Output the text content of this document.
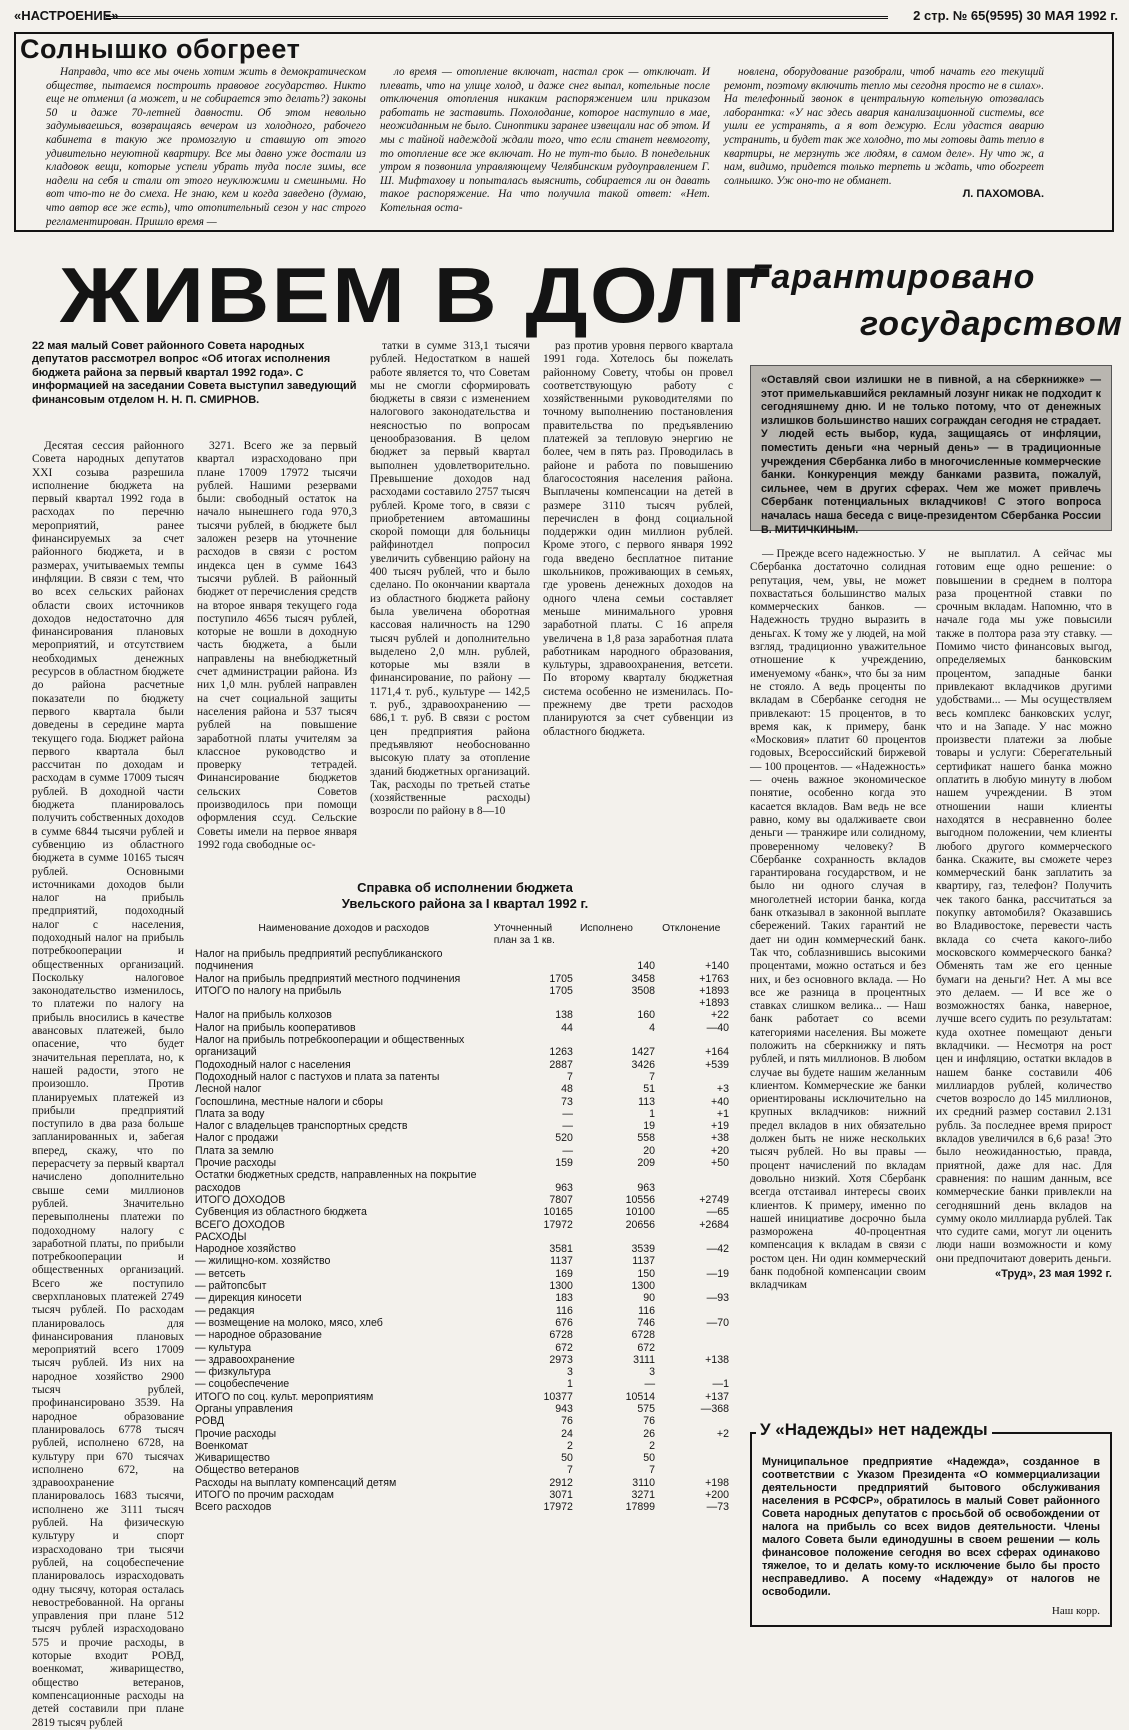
«НАСТРОЕНИЕ»	2 стр. № 65(9595) 30 МАЯ 1992 г.
Солнышко обогреет

Направда, что все мы очень хотим жить в демократическом обществе, пытаемся построить правовое государство. Никто еще не отменил (а может, и не собирается это делать?) законы 50 и даже 70-летней давности. Об этом невольно задумываешься, возвращаясь вечером из холодного, рабочего кабинета в такую же промозглую и ставшую от этого удивительно неуютной квартиру. Все мы давно уже достали из кладовок вещи, которые успели убрать туда после зимы, все надели на себя и стали от этого неуклюжими и смешными. Но вот что-то не до смеха. Не знаю, кем и когда заведено (думаю, что автор все же есть), что отопительный сезон у нас строго регламентирован. Пришло время —

ло время — отопление включат, настал срок — отключат. И плевать, что на улице холод, и даже снег выпал, котельные после отключения отопления никаким распоряжением или приказом работать не заставить. Похолодание, которое наступило в мае, неожиданным не было. Синоптики заранее извещали нас об этом. И мы с тайной надеждой ждали того, что если станет невмоготу, то отопление все же включат. Но не тут-то было. В понедельник утром я позвонила управляющему Челябинским рудоуправлением Г. Ш. Мифтахову и попыталась выяснить, собирается ли он давать такое распоряжение. На что получила такой ответ: «Нет. Котельная оста-

новлена, оборудование разобрали, чтоб начать его текущий ремонт, поэтому включить тепло мы сегодня просто не в силах». На телефонный звонок в центральную котельную отозвалась лаборантка: «У нас здесь авария канализационной системы, все ушли ее устранять, а я вот дежурю. Если удастся аварию устранить, и будет так же холодно, то мы готовы дать тепло в квартиры, не мерзнуть же людям, в самом деле». Ну что ж, а нам, видимо, придется только терпеть и ждать, что обогреет солнышко. Уж оно-то не обманет.

Л. ПАХОМОВА.
ЖИВЕМ В ДОЛГ
22 мая малый Совет районного Совета народных депутатов рассмотрел вопрос «Об итогах исполнения бюджета района за первый квартал 1992 года». С информацией на заседании Совета выступил заведующий финансовым отделом Н. Н. П. СМИРНОВ.

Десятая сессия районного Совета народных депутатов XXI созыва разрешила исполнение бюджета на первый квартал 1992 года в расходах по перечню мероприятий, ранее финансируемых за счет районного бюджета, и в размерах, учитываемых темпы инфляции. В связи с тем, что во всех сельских районах области своих источников доходов недостаточно для финансирования плановых мероприятий, и отсутствием необходимых денежных ресурсов в областном бюджете до района расчетные показатели по бюджету первого квартала были доведены в середине марта текущего года. Бюджет района первого квартала был рассчитан по доходам и расходам в сумме 17009 тысяч рублей. В доходной части бюджета планировалось получить собственных доходов в сумме 6844 тысячи рублей и субвенцию из областного бюджета в сумме 10165 тысяч рублей. Основными источниками доходов были налог на прибыль предприятий, подоходный налог с населения, подоходный налог на прибыль потребкооперации и общественных организаций. Поскольку налоговое законодательство изменилось, то платежи по налогу на прибыль вносились в качестве авансовых платежей, было опасение, что будет значительная переплата, но, к нашей радости, этого не произошло. Против планируемых платежей из прибыли предприятий поступило в два раза больше запланированных и, забегая вперед, скажу, что по перерасчету за первый квартал начислено дополнительно свыше семи миллионов рублей. Значительно перевыполнены платежи по подоходному налогу с заработной платы, по прибыли потребкооперации и общественных организаций. Всего же поступило сверхплановых платежей 2749 тысяч рублей. По расходам планировалось для финансирования плановых мероприятий всего 17009 тысяч рублей. Из них на народное хозяйство 2900 тысяч рублей, профинансировано 3539. На народное образование планировалось 6778 тысяч рублей, исполнено 6728, на культуру при 670 тысячах исполнено 672, на здравоохранение планировалось 1683 тысячи, исполнено же 3111 тысяч рублей. На физическую культуру и спорт израсходовано три тысячи рублей, на соцобеспечение планировалось израсходовать одну тысячу, которая осталась невостребованной. На органы управления при плане 512 тысяч рублей израсходовано 575 и прочие расходы, в которые входит РОВД, военкомат, живарищество, общество ветеранов, компенсационные расходы на детей составили при плане 2819 тысяч рублей

3271. Всего же за первый квартал израсходовано при плане 17009 17972 тысячи рублей. Нашими резервами были: свободный остаток на начало нынешнего года 970,3 тысячи рублей, в бюджете был заложен резерв на уточнение расходов в связи с ростом индекса цен в сумме 1643 тысячи рублей. В районный бюджет от перечисления средств на второе января текущего года поступило 4656 тысяч рублей, которые не вошли в доходную часть бюджета, а были направлены на внебюджетный счет администрации района. Из них 1,0 млн. рублей направлен на счет социальной защиты населения района и 537 тысяч рублей на повышение заработной платы учителям за классное руководство и проверку тетрадей. Финансирование бюджетов сельских Советов производилось при помощи оформления ссуд. Сельские Советы имели на первое января 1992 года свободные ос-

татки в сумме 313,1 тысячи рублей. Недостатком в нашей работе является то, что Советам мы не смогли сформировать бюджеты в связи с изменением налогового законодательства и неясностью по вопросам ценообразования. В целом бюджет за первый квартал выполнен удовлетворительно. Превышение доходов над расходами составило 2757 тысяч рублей. Кроме того, в связи с приобретением автомашины скорой помощи для больницы райфинотдел попросил увеличить субвенцию району на 400 тысяч рублей, что и было сделано. По окончании квартала из областного бюджета району была увеличена оборотная кассовая наличность на 1290 тысяч рублей и дополнительно выделено 2,0 млн. рублей, которые мы взяли в финансирование, по району — 1171,4 т. руб., культуре — 142,5 т. руб., здравоохранению — 686,1 т. руб. В связи с ростом цен предприятия района предъявляют необоснованно высокую плату за отопление зданий бюджетных организаций. Так, расходы по третьей статье (хозяйственные расходы) возросли по району в 8—10

раз против уровня первого квартала 1991 года. Хотелось бы пожелать районному Совету, чтобы он провел соответствующую работу с хозяйственными руководителями по точному выполнению постановления правительства по предъявлению платежей за тепловую энергию не более, чем в пять раз. Проводилась в районе и работа по повышению благосостояния населения района. Выплачены компенсации на детей в размере 3110 тысяч рублей, перечислен в фонд социальной поддержки один миллион рублей. Кроме этого, с первого января 1992 года введено бесплатное питание школьников, проживающих в семьях, где уровень денежных доходов на одного члена семьи составляет меньше минимального уровня заработной платы. С 16 апреля увеличена в 1,8 раза заработная плата работникам народного образования, культуры, здравоохранения, ветсети. По второму кварталу бюджетная система особенно не изменилась. По-прежнему две трети расходов планируются за счет субвенции из областного бюджета.

Справка об исполнении бюджета
Увельского района за I квартал 1992 г.
Наименование доходов и расходов	Уточненный план за 1 кв.	Исполнено	Отклонение
Налог на прибыль предприятий республиканского подчинения		140	+140
Налог на прибыль предприятий местного подчинения	1705	3458	+1763
ИТОГО по налогу на прибыль	1705	3508	+1893
			+1893
Налог на прибыль колхозов	138	160	+22
Налог на прибыль кооперативов	44	4	—40
Налог на прибыль потребкооперации и общественных организаций	1263	1427	+164
Подоходный налог с населения	2887	3426	+539
Подоходный налог с пастухов и плата за патенты	7	7	
Лесной налог	48	51	+3
Госпошлина, местные налоги и сборы	73	113	+40
Плата за воду	—	1	+1
Налог с владельцев транспортных средств	—	19	+19
Налог с продажи	520	558	+38
Плата за землю	—	20	+20
Прочие расходы	159	209	+50
Остатки бюджетных средств, направленных на покрытие расходов	963	963	
ИТОГО ДОХОДОВ	7807	10556	+2749
Субвенция из областного бюджета	10165	10100	—65
ВСЕГО ДОХОДОВ	17972	20656	+2684
РАСХОДЫ			
Народное хозяйство	3581	3539	—42
— жилищно-ком. хозяйство	1137	1137	
— ветсеть	169	150	—19
— райтопсбыт	1300	1300	
— дирекция киносети	183	90	—93
— редакция	116	116	
— возмещение на молоко, мясо, хлеб	676	746	—70
— народное образование	6728	6728	
— культура	672	672	
— здравоохранение	2973	3111	+138
— физкультура	3	3	
— соцобеспечение	1	—	—1
ИТОГО по соц. культ. мероприятиям	10377	10514	+137
Органы управления	943	575	—368
РОВД	76	76	
Прочие расходы	24	26	+2
Военкомат	2	2	
Живарищество	50	50	
Общество ветеранов	7	7	
Расходы на выплату компенсаций детям	2912	3110	+198
ИТОГО по прочим расходам	3071	3271	+200
Всего расходов	17972	17899	—73
Гарантировано
государством
«Оставляй свои излишки не в пивной, а на сберкнижке» — этот примелькавшийся рекламный лозунг никак не подходит к сегодняшнему дню. И не только потому, что от денежных излишков большинство наших сограждан сегодня не страдает. У людей есть выбор, куда, защищаясь от инфляции, поместить деньги «на черный день» — в традиционные учреждения Сбербанка либо в многочисленные коммерческие банки. Конкуренция между банками развита, пожалуй, сильнее, чем в других сферах. Чем же может привлечь Сбербанк потенциальных вкладчиков! С этого вопроса началась наша беседа с вице-президентом Сбербанка России В. МИТИЧКИНЫМ.

— Прежде всего надежностью. У Сбербанка достаточно солидная репутация, чем, увы, не может похвастаться большинство малых коммерческих банков. — Надежность трудно выразить в деньгах. К тому же у людей, на мой взгляд, традиционно уважительное отношение к учреждению, именуемому «банк», что бы за ним не стояло. А ведь проценты по вкладам в Сбербанке сегодня не привлекают: 15 процентов, в то время как, к примеру, банк «Московия» платит 60 процентов годовых, Всероссийский биржевой — 100 процентов. — «Надежность» — очень важное экономическое понятие, особенно когда это касается вкладов. Вам ведь не все равно, кому вы одалживаете свои деньги — транжире или солидному, проверенному человеку? В Сбербанке сохранность вкладов гарантирована государством, и не было ни одного случая в многолетней истории банка, когда банк отказывал в законной выплате сбережений. Таких гарантий не дает ни один коммерческий банк. Так что, соблазнившись высокими процентами, можно остаться и без них, и без основного вклада. — Но все же разница в процентных ставках слишком велика... — Наш банк работает со всеми категориями населения. Вы можете положить на сберкнижку и пять рублей, и пять миллионов. В любом случае вы будете нашим желанным клиентом. Коммерческие же банки ориентированы исключительно на крупных вкладчиков: нижний предел вкладов в них обязательно должен быть не ниже нескольких тысяч рублей. Но вы правы — процент начислений по вкладам довольно низкий. Хотя Сбербанк всегда отстаивал интересы своих клиентов. К примеру, именно по нашей инициативе досрочно была разморожена 40-процентная компенсация к вкладам в связи с ростом цен. Ни один коммерческий банк подобной компенсации своим вкладчикам

не выплатил. А сейчас мы готовим еще одно решение: о повышении в среднем в полтора раза процентной ставки по срочным вкладам. Напомню, что в начале года мы уже повысили также в полтора раза эту ставку. — Помимо чисто финансовых выгод, определяемых банковским процентом, западные банки привлекают вкладчиков другими удобствами... — Мы осуществляем весь комплекс банковских услуг, что и на Западе. У нас можно произвести платежи за любые товары и услуги: Сберегательный сертификат нашего банка можно оплатить в любую минуту в любом нашем учреждении. В этом отношении наши клиенты находятся в несравненно более выгодном положении, чем клиенты любого другого коммерческого банка. Скажите, вы сможете через коммерческий банк заплатить за квартиру, газ, телефон? Получить чек такого банка, рассчитаться за покупку автомобиля? Оказавшись во Владивостоке, перевести часть вклада со счета какого-либо московского коммерческого банка? Обменять там же его ценные бумаги на деньги? Нет. А мы все это делаем. — И все же о возможностях банка, наверное, лучше всего судить по результатам: куда охотнее помещают деньги вкладчики. — Несмотря на рост цен и инфляцию, остатки вкладов в нашем банке составили 406 миллиардов рублей, количество счетов возросло до 145 миллионов, их средний размер составил 2.131 рубль. За последнее время прирост вкладов увеличился в 6,6 раза! Это было неожиданностью, правда, приятной, даже для нас. Для сравнения: по нашим данным, все коммерческие банки привлекли на сегодняшний день вкладов на сумму около миллиарда рублей. Так что судите сами, могут ли оценить люди наши возможности и кому они предпочитают доверить деньги.

«Труд», 23 мая 1992 г.
Муниципальное предприятие «Надежда», созданное в соответствии с Указом Президента «О коммерциализации деятельности предприятий бытового обслуживания населения в РСФСР», обратилось в малый Совет районного Совета народных депутатов с просьбой об освобождении от налога на прибыль со всех видов деятельности. Члены малого Совета были единодушны в своем решении — коль финансовое положение сегодня во всех сферах одинаково тяжелое, то и делать кому-то исключение было бы просто несправедливо. А посему «Надежду» от налогов не освободили.
Наш корр.
У «Надежды» нет надежды
